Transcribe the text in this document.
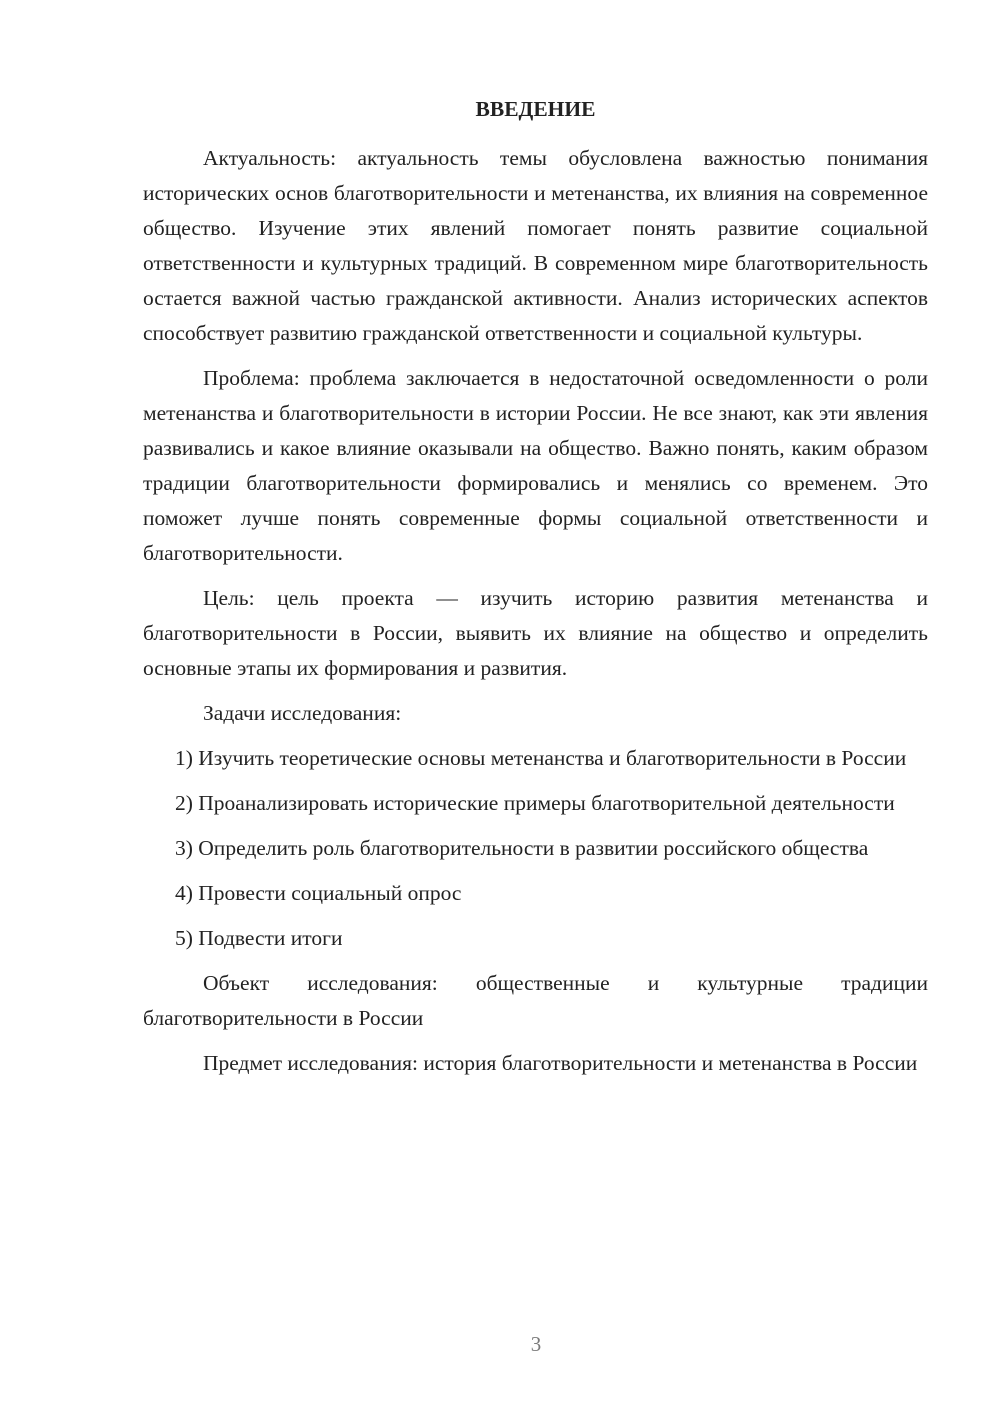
ВВЕДЕНИЕ

Актуальность: актуальность темы обусловлена важностью понимания исторических основ благотворительности и метенанства, их влияния на современное общество. Изучение этих явлений помогает понять развитие социальной ответственности и культурных традиций. В современном мире благотворительность остается важной частью гражданской активности. Анализ исторических аспектов способствует развитию гражданской ответственности и социальной культуры.

Проблема: проблема заключается в недостаточной осведомленности о роли метенанства и благотворительности в истории России. Не все знают, как эти явления развивались и какое влияние оказывали на общество. Важно понять, каким образом традиции благотворительности формировались и менялись со временем. Это поможет лучше понять современные формы социальной ответственности и благотворительности.

Цель: цель проекта — изучить историю развития метенанства и благотворительности в России, выявить их влияние на общество и определить основные этапы их формирования и развития.

Задачи исследования:

1) Изучить теоретические основы метенанства и благотворительности в России

2) Проанализировать исторические примеры благотворительной деятельности

3) Определить роль благотворительности в развитии российского общества

4) Провести социальный опрос

5) Подвести итоги

Объект исследования: общественные и культурные традиции благотворительности в России

Предмет исследования: история благотворительности и метенанства в России

3
